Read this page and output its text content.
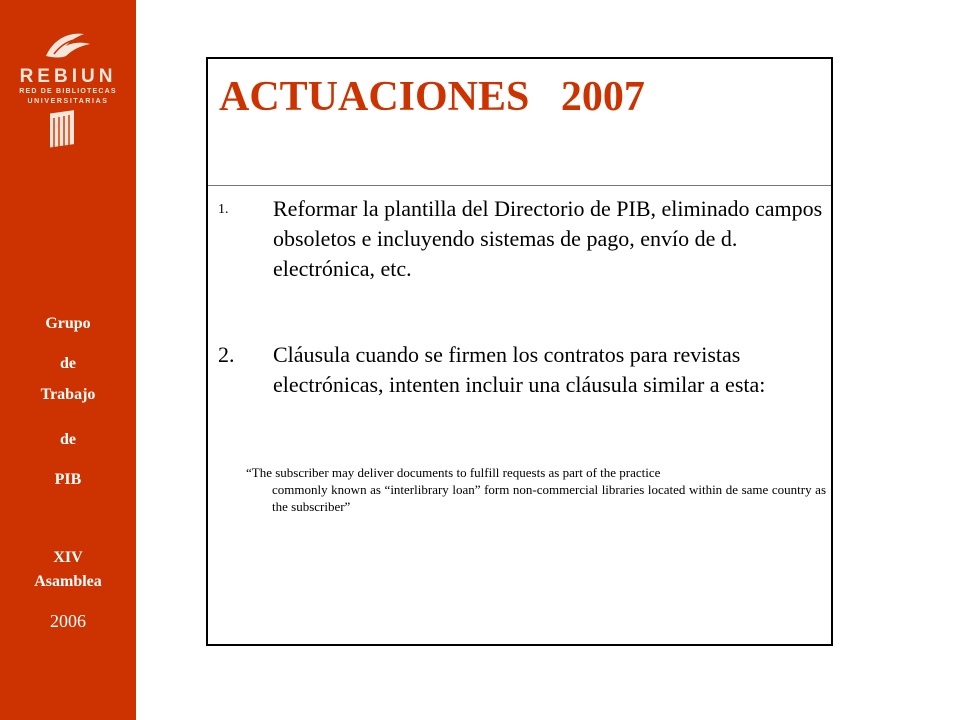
REBIUN
RED DE BIBLIOTECAS
UNIVERSITARIAS
Grupo
de
Trabajo
de
PIB
XIV
Asamblea
2006
ACTUACIONES   2007
1. Reformar la plantilla del Directorio de PIB, eliminado campos obsoletos e incluyendo sistemas de pago, envío de d. electrónica, etc.
2. Cláusula cuando se firmen los contratos para revistas electrónicas, intenten incluir una cláusula similar a esta:
“The subscriber may deliver documents to fulfill requests as part of the practice
commonly known as “interlibrary loan” form non-commercial libraries located within de same country as the subscriber”
